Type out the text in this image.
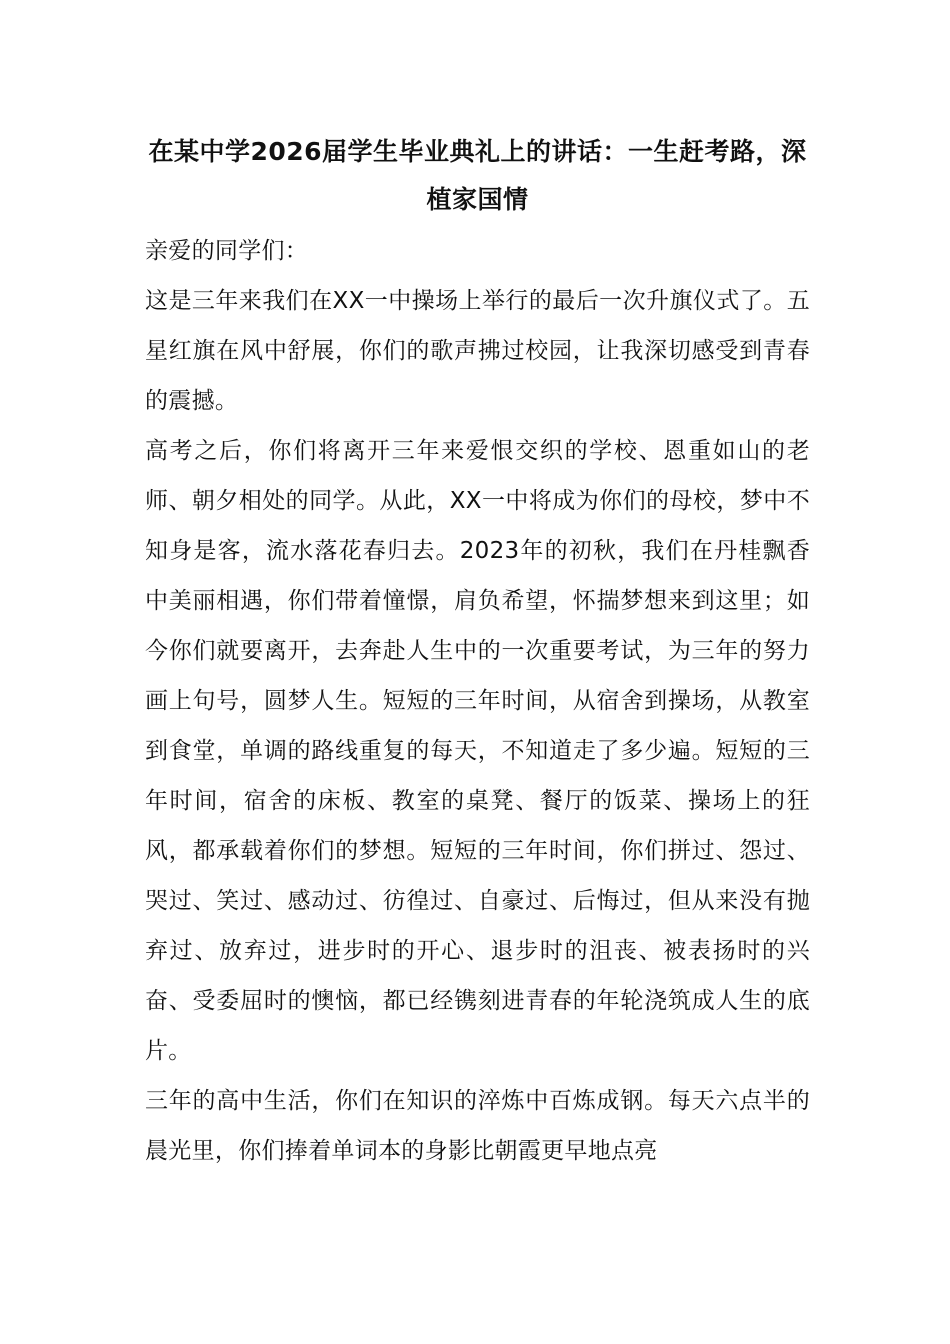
在某中学2026届学生毕业典礼上的讲话：一生赶考路，深植家国情

亲爱的同学们：

这是三年来我们在XX一中操场上举行的最后一次升旗仪式了。五星红旗在风中舒展，你们的歌声拂过校园，让我深切感受到青春的震撼。

高考之后，你们将离开三年来爱恨交织的学校、恩重如山的老师、朝夕相处的同学。从此，XX一中将成为你们的母校，梦中不知身是客，流水落花春归去。2023年的初秋，我们在丹桂飘香中美丽相遇，你们带着憧憬，肩负希望，怀揣梦想来到这里；如今你们就要离开，去奔赴人生中的一次重要考试，为三年的努力画上句号，圆梦人生。短短的三年时间，从宿舍到操场，从教室到食堂，单调的路线重复的每天，不知道走了多少遍。短短的三年时间，宿舍的床板、教室的桌凳、餐厅的饭菜、操场上的狂风，都承载着你们的梦想。短短的三年时间，你们拼过、怨过、哭过、笑过、感动过、彷徨过、自豪过、后悔过，但从来没有抛弃过、放弃过，进步时的开心、退步时的沮丧、被表扬时的兴奋、受委屈时的懊恼，都已经镌刻进青春的年轮浇筑成人生的底片。

三年的高中生活，你们在知识的淬炼中百炼成钢。每天六点半的晨光里，你们捧着单词本的身影比朝霞更早地点亮
